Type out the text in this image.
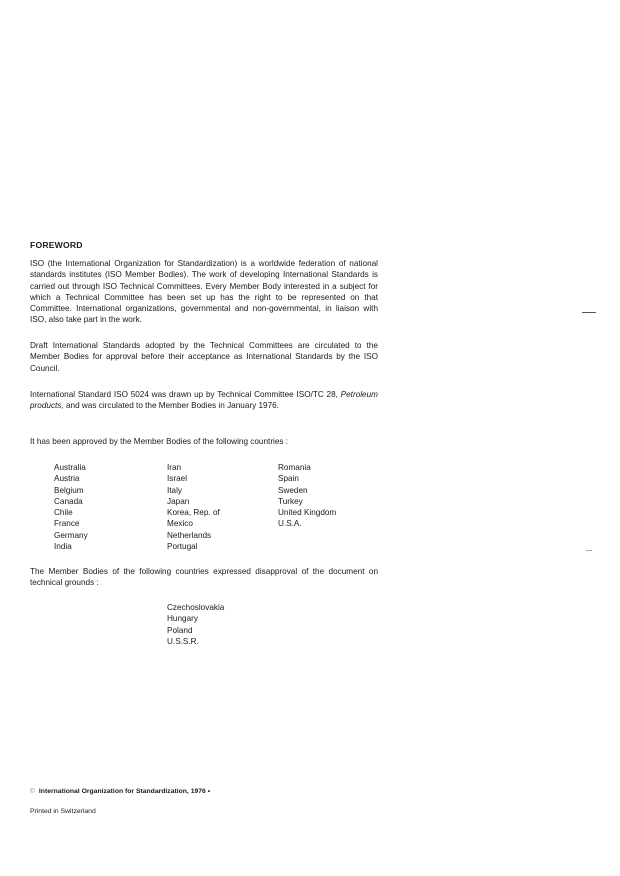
FOREWORD
ISO (the International Organization for Standardization) is a worldwide federation of national standards institutes (ISO Member Bodies). The work of developing International Standards is carried out through ISO Technical Committees. Every Member Body interested in a subject for which a Technical Committee has been set up has the right to be represented on that Committee. International organizations, governmental and non-governmental, in liaison with ISO, also take part in the work.
Draft International Standards adopted by the Technical Committees are circulated to the Member Bodies for approval before their acceptance as International Standards by the ISO Council.
International Standard ISO 5024 was drawn up by Technical Committee ISO/TC 28, Petroleum products, and was circulated to the Member Bodies in January 1976.
It has been approved by the Member Bodies of the following countries :
Australia
Austria
Belgium
Canada
Chile
France
Germany
India
Iran
Israel
Italy
Japan
Korea, Rep. of
Mexico
Netherlands
Portugal
Romania
Spain
Sweden
Turkey
United Kingdom
U.S.A.
The Member Bodies of the following countries expressed disapproval of the document on technical grounds :
Czechoslovakia
Hungary
Poland
U.S.S.R.
© International Organization for Standardization, 1976 •
Printed in Switzerland
